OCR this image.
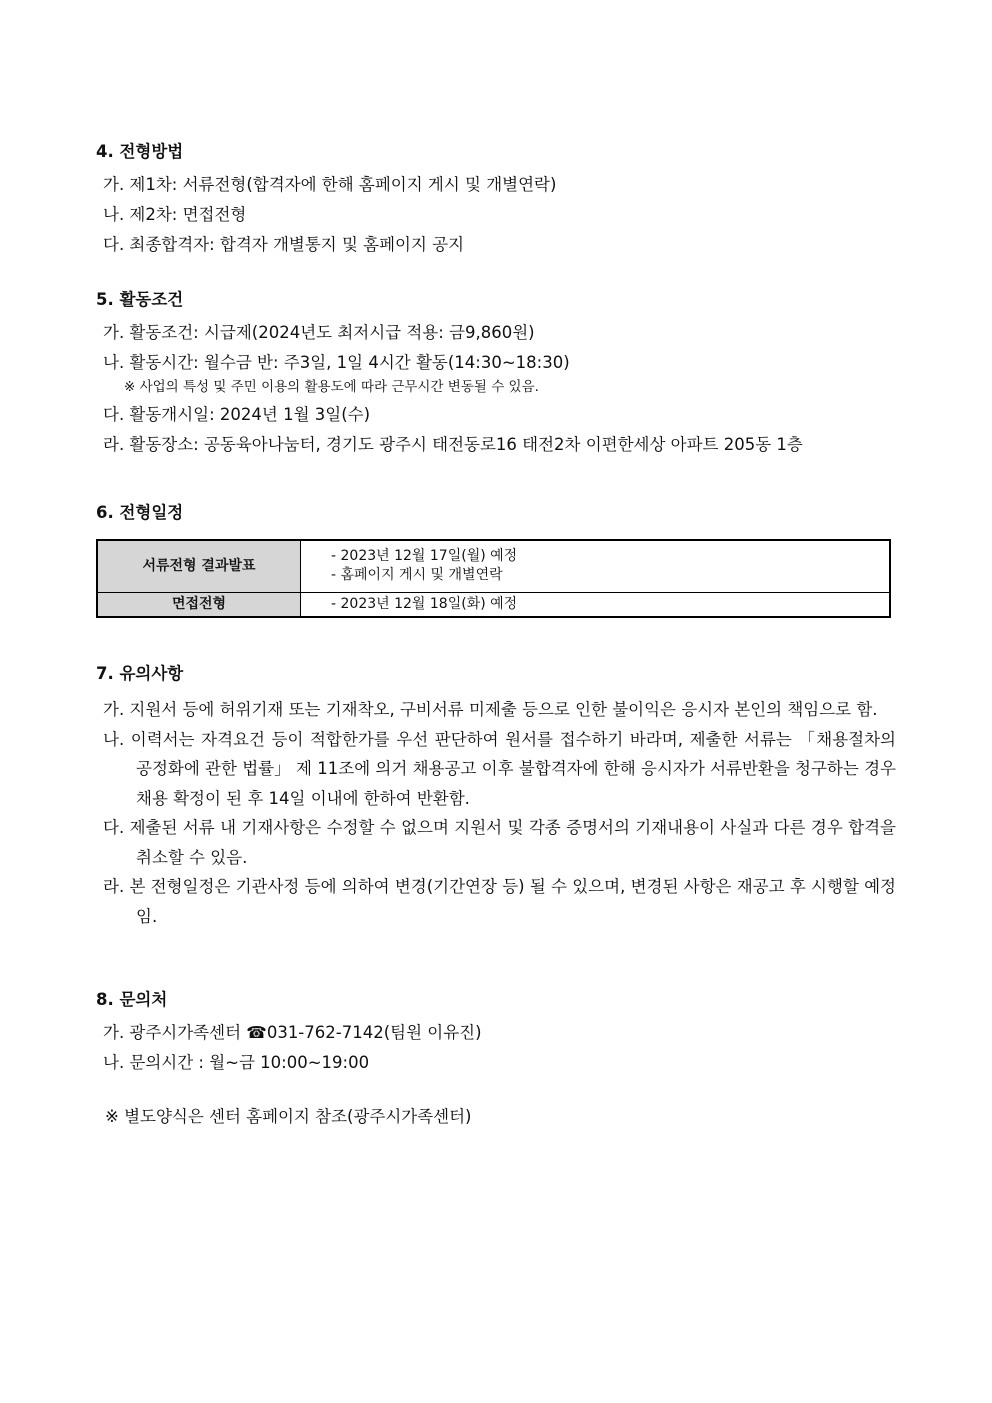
4. 전형방법
가. 제1차: 서류전형(합격자에 한해 홈페이지 게시 및 개별연락)
나. 제2차: 면접전형
다. 최종합격자: 합격자 개별통지 및 홈페이지 공지
5. 활동조건
가. 활동조건: 시급제(2024년도 최저시급 적용: 금9,860원)
나. 활동시간: 월수금 반: 주3일, 1일 4시간 활동(14:30~18:30)
※ 사업의 특성 및 주민 이용의 활용도에 따라 근무시간 변동될 수 있음.
다. 활동개시일: 2024년 1월 3일(수)
라. 활동장소: 공동육아나눔터, 경기도 광주시 태전동로16 태전2차 이편한세상 아파트 205동 1층
6. 전형일정
서류전형 결과발표	- 2023년 12월 17일(월) 예정
- 홈페이지 게시 및 개별연락

면접전형	- 2023년 12월 18일(화) 예정
7. 유의사항
가. 지원서 등에 허위기재 또는 기재착오, 구비서류 미제출 등으로 인한 불이익은 응시자 본인의 책임으로 함.
나. 이력서는 자격요건 등이 적합한가를 우선 판단하여 원서를 접수하기 바라며, 제출한 서류는 「채용절차의 공정화에 관한 법률」 제 11조에 의거 채용공고 이후 불합격자에 한해 응시자가 서류반환을 청구하는 경우 채용 확정이 된 후 14일 이내에 한하여 반환함.
다. 제출된 서류 내 기재사항은 수정할 수 없으며 지원서 및 각종 증명서의 기재내용이 사실과 다른 경우 합격을 취소할 수 있음.
라. 본 전형일정은 기관사정 등에 의하여 변경(기간연장 등) 될 수 있으며, 변경된 사항은 재공고 후 시행할 예정임.
8. 문의처
가. 광주시가족센터 ☎031-762-7142(팀원 이유진)
나. 문의시간 : 월~금 10:00~19:00
※ 별도양식은 센터 홈페이지 참조(광주시가족센터)
